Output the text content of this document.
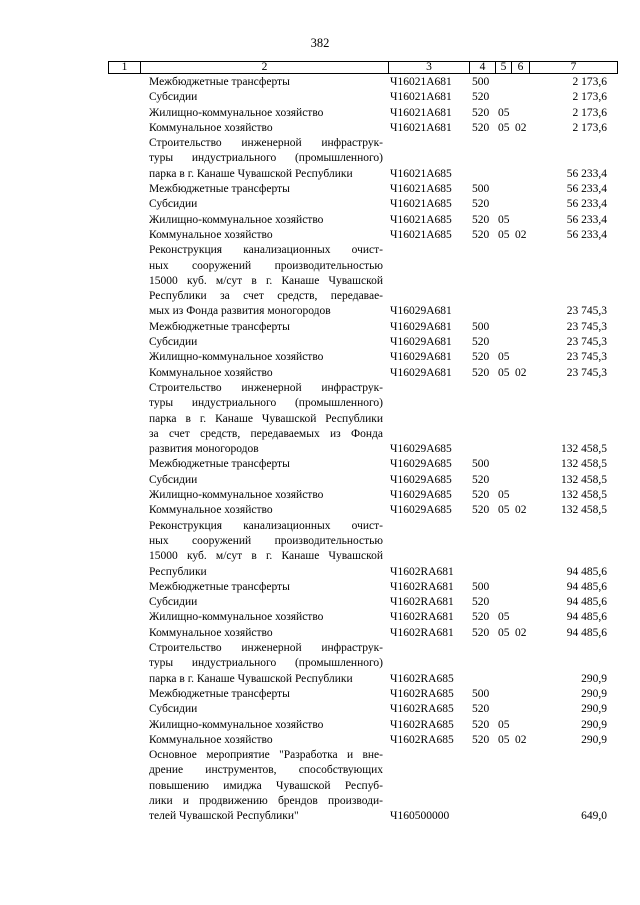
382
1	2	3	4	5 6	7
Межбюджетные трансферты	Ч16021А681 500	2 173,6
Субсидии	Ч16021А681 520	2 173,6
Жилищно-коммунальное хозяйство	Ч16021А681 520 05	2 173,6
Коммунальное хозяйство	Ч16021А681 520 05 02	2 173,6
Строительство инженерной инфраструк-
туры индустриального (промышленного)
парка в г. Канаше Чувашской Республики	Ч16021А685	56 233,4
Межбюджетные трансферты	Ч16021А685 500	56 233,4
Субсидии	Ч16021А685 520	56 233,4
Жилищно-коммунальное хозяйство	Ч16021А685 520 05	56 233,4
Коммунальное хозяйство	Ч16021А685 520 05 02	56 233,4
Реконструкция канализационных очист-
ных сооружений производительностью
15000 куб. м/сут в г. Канаше Чувашской
Республики за счет средств, передавае-
мых из Фонда развития моногородов	Ч16029А681	23 745,3
Межбюджетные трансферты	Ч16029А681 500	23 745,3
Субсидии	Ч16029А681 520	23 745,3
Жилищно-коммунальное хозяйство	Ч16029А681 520 05	23 745,3
Коммунальное хозяйство	Ч16029А681 520 05 02	23 745,3
Строительство инженерной инфраструк-
туры индустриального (промышленного)
парка в г. Канаше Чувашской Республики
за счет средств, передаваемых из Фонда
развития моногородов	Ч16029А685	132 458,5
Межбюджетные трансферты	Ч16029А685 500	132 458,5
Субсидии	Ч16029А685 520	132 458,5
Жилищно-коммунальное хозяйство	Ч16029А685 520 05	132 458,5
Коммунальное хозяйство	Ч16029А685 520 05 02	132 458,5
Реконструкция канализационных очист-
ных сооружений производительностью
15000 куб. м/сут в г. Канаше Чувашской
Республики	Ч1602RA681	94 485,6
Межбюджетные трансферты	Ч1602RA681 500	94 485,6
Субсидии	Ч1602RA681 520	94 485,6
Жилищно-коммунальное хозяйство	Ч1602RA681 520 05	94 485,6
Коммунальное хозяйство	Ч1602RA681 520 05 02	94 485,6
Строительство инженерной инфраструк-
туры индустриального (промышленного)
парка в г. Канаше Чувашской Республики	Ч1602RA685	290,9
Межбюджетные трансферты	Ч1602RA685 500	290,9
Субсидии	Ч1602RA685 520	290,9
Жилищно-коммунальное хозяйство	Ч1602RA685 520 05	290,9
Коммунальное хозяйство	Ч1602RA685 520 05 02	290,9
Основное мероприятие "Разработка и вне-
дрение инструментов, способствующих
повышению имиджа Чувашской Респуб-
лики и продвижению брендов производи-
телей Чувашской Республики"	Ч160500000	649,0
